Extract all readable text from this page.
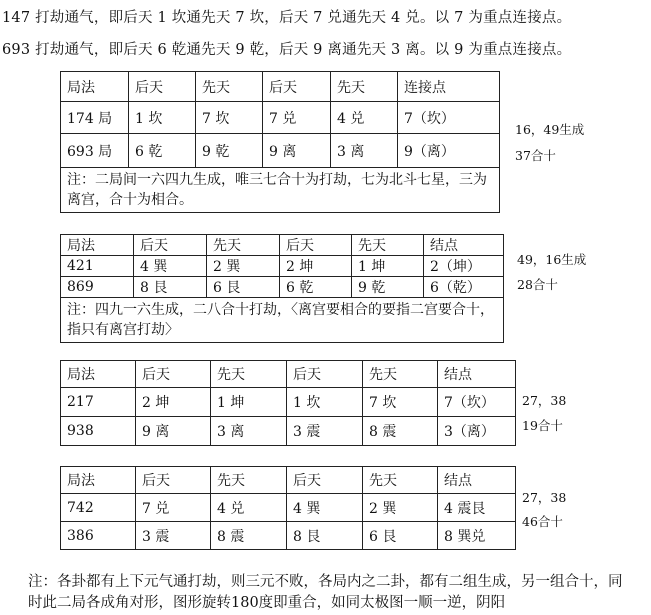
147 打劫通气，即后天 1 坎通先天 7 坎，后天 7 兑通先天 4 兑。以 7 为重点连接点。
693 打劫通气，即后天 6 乾通先天 9 乾，后天 9 离通先天 3 离。以 9 为重点连接点。
局法	后天	先天	后天	先天	连接点
174 局	1 坎	7 坎	7 兑	4 兑	7（坎）
693 局	6 乾	9 乾	9 离	3 离	9（离）
注：二局间一六四九生成，唯三七合十为打劫，七为北斗七星，三为离宫，合十为相合。					
16，49生成
37合十
局法	后天	先天	后天	先天	结点
421	4 巽	2 巽	2 坤	1 坤	2（坤）
869	8 艮	6 艮	6 乾	9 乾	6（乾）
注：四九一六生成，二八合十打劫，〈离宫要相合的要指二宫要合十，指只有离宫打劫〉					
49，16生成
28合十
局法	后天	先天	后天	先天	结点
217	2 坤	1 坤	1 坎	7 坎	7（坎）
938	9 离	3 离	3 震	8 震	3（离）
27，38
19合十
局法	后天	先天	后天	先天	结点
742	7 兑	4 兑	4 巽	2 巽	4 震艮
386	3 震	8 震	8 艮	6 艮	8 巽兑
27，38
46合十
注：各卦都有上下元气通打劫，则三元不败，各局内之二卦，都有二组生成，另一组合十，同时此二局各成角对形，图形旋转180度即重合，如同太极图一顺一逆，阴阳
